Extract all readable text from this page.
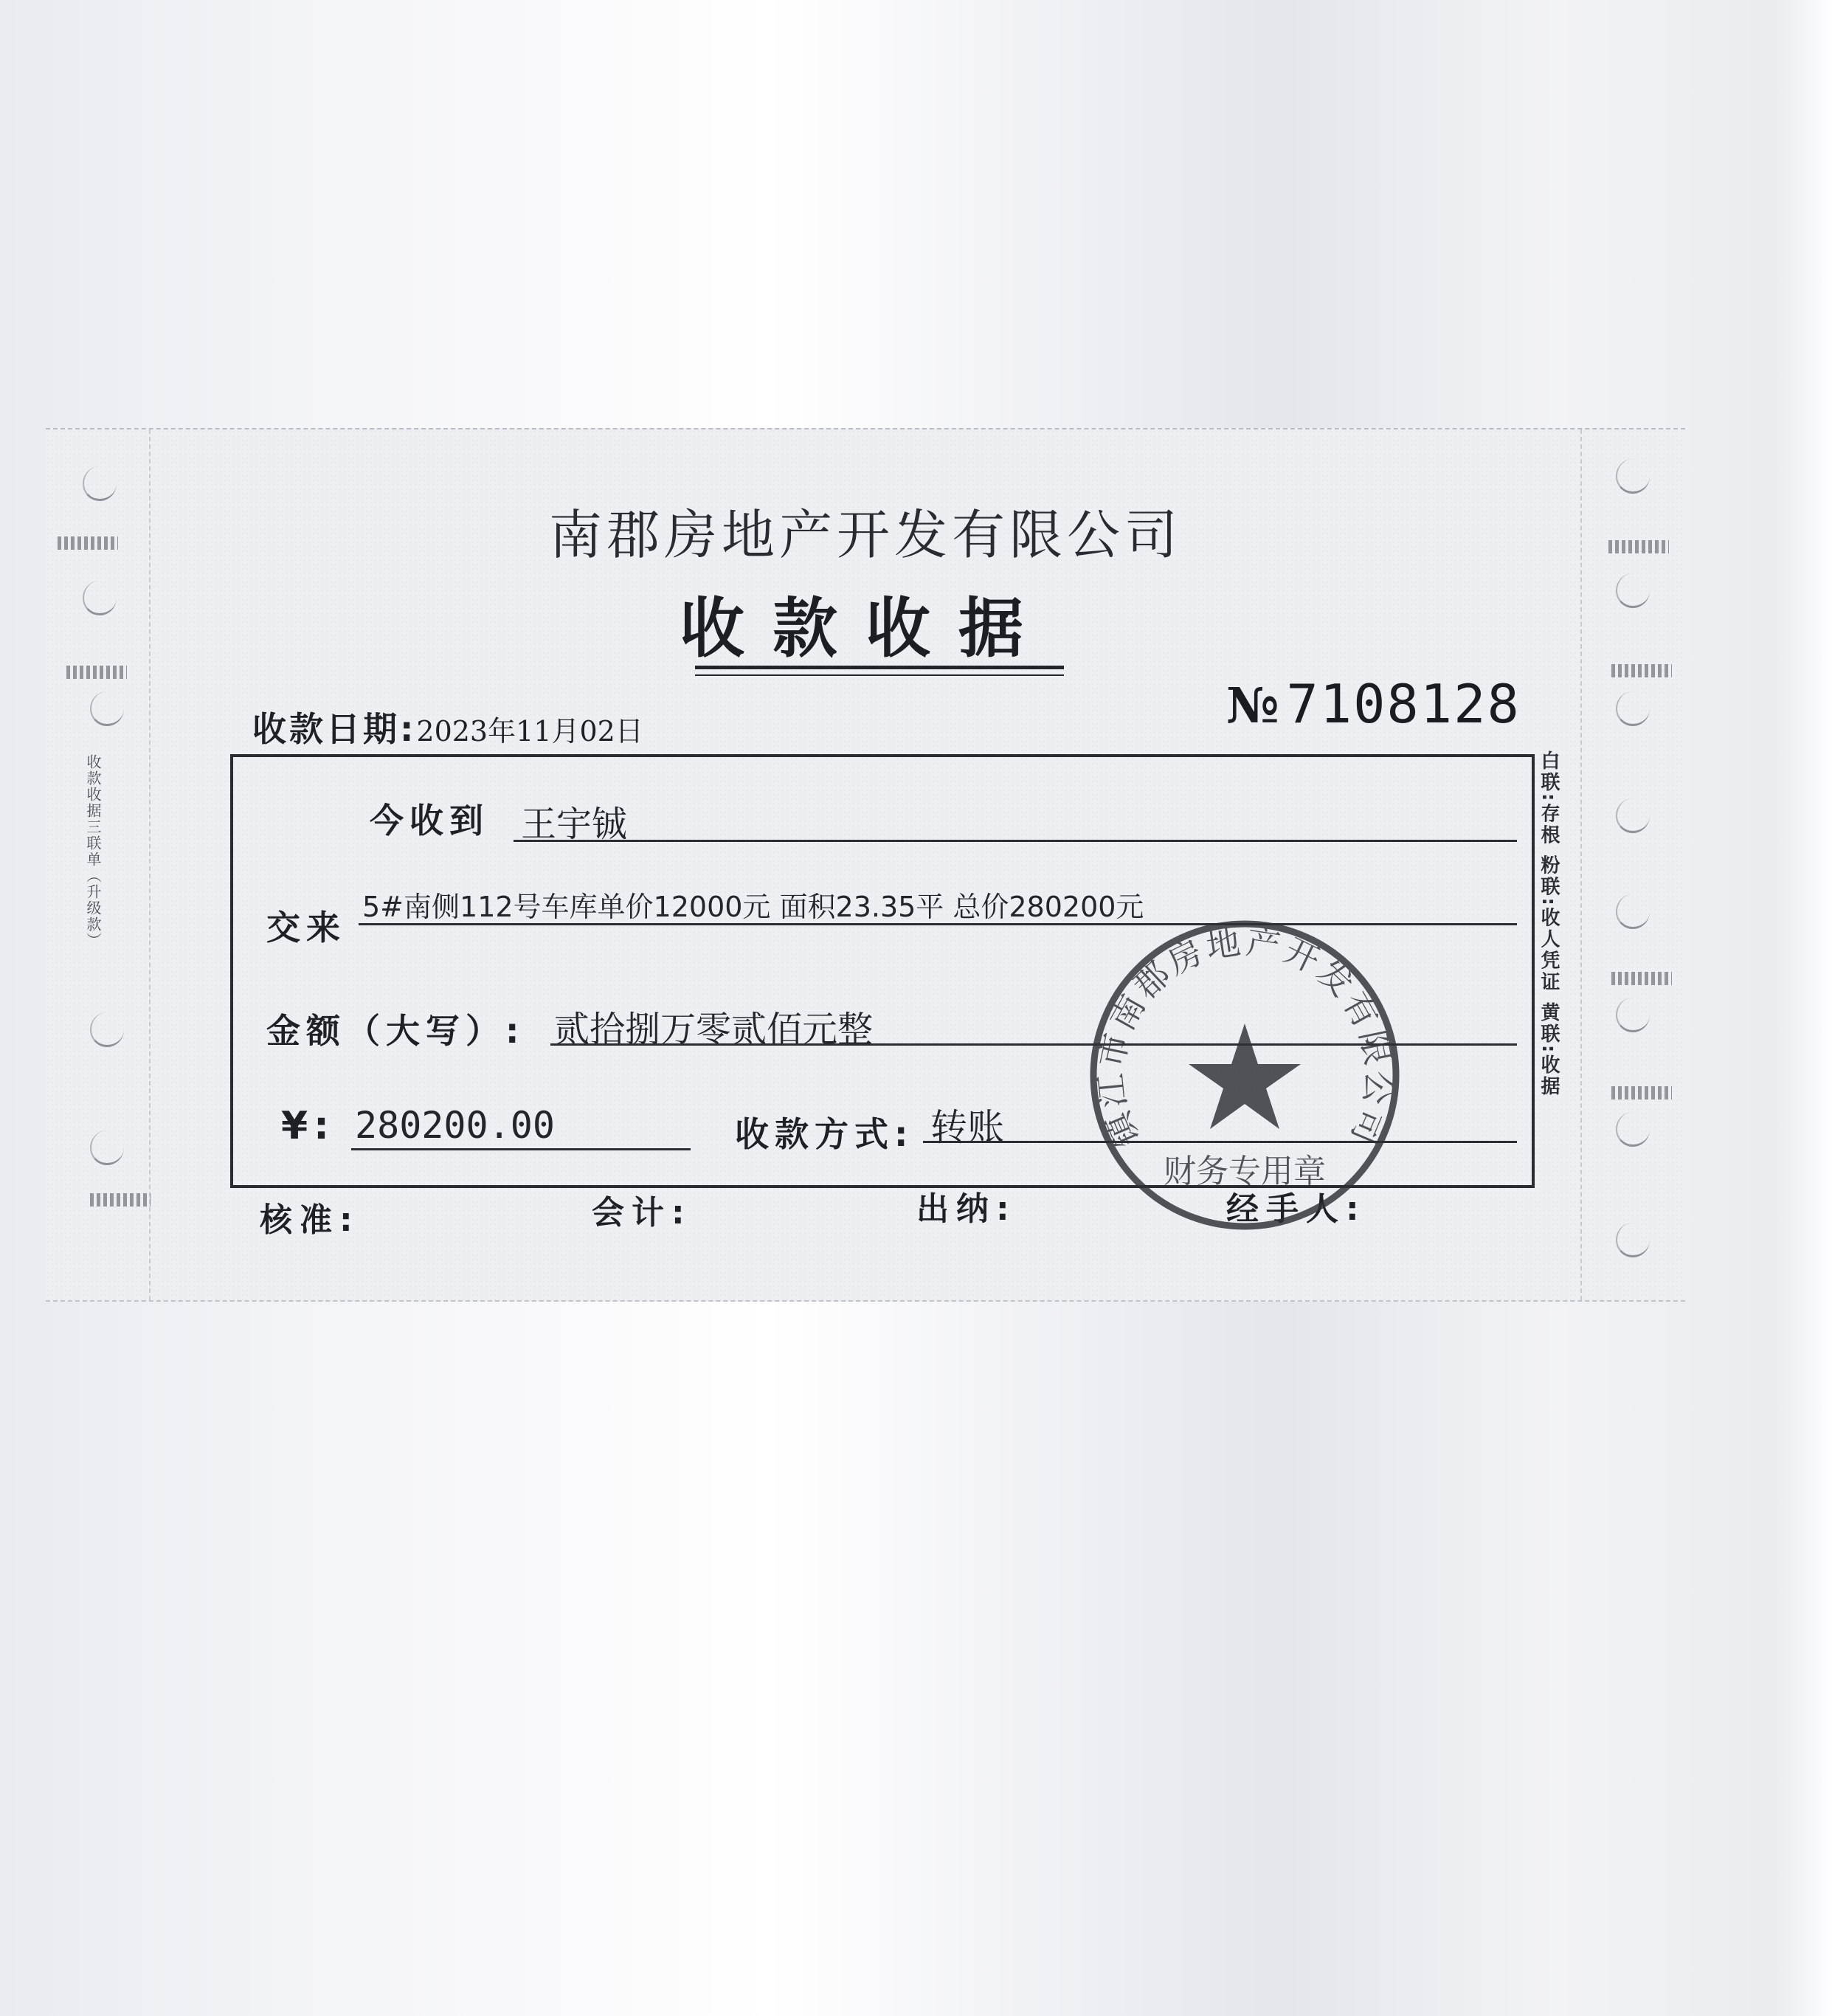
收款收据三联单（升级款）
南郡房地产开发有限公司
收款收据
收款日期:2023年11月02日	№ 7108128
白联:存根 粉联:收人凭证 黄联:收据
今收到 王宇铖
交来
5#南侧112号车库单价12000元 面积23.35平 总价280200元
金额（大写）: 贰拾捌万零贰佰元整
¥: 280200.00	收款方式: 转账
核准:	会计:	出纳:	经手人:
镇江市南郡房地产开发有限公司
财务专用章
